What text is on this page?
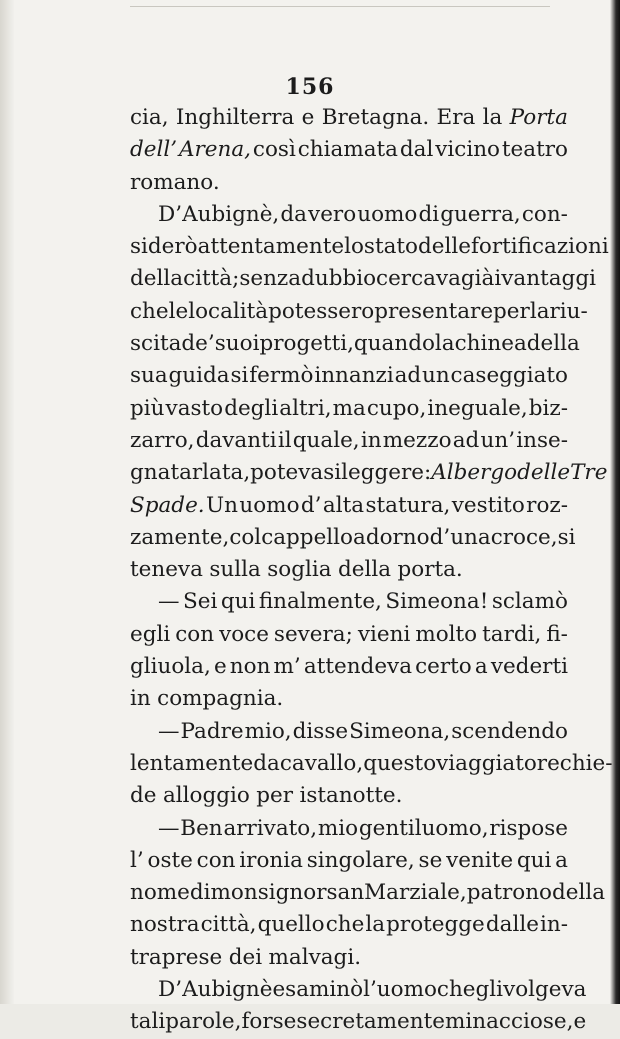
156
cia, Inghilterra e Bretagna. Era la Porta
dell’ Arena, così chiamata dal vicino teatro
romano.
D’Aubignè, da vero uomo di guerra, con-
siderò attentamente lo stato delle fortificazioni
della città; senza dubbio cercava già i vantaggi
che le località potessero presentare per la riu-
scita de’ suoi progetti, quando la chinea della
sua guida si fermò innanzi ad un caseggiato
più vasto degli altri, ma cupo, ineguale, biz-
zarro, davanti il quale, in mezzo ad un’ inse-
gna tarlata, potevasi leggere: Albergo delle Tre
Spade. Un uomo d’ alta statura, vestito roz-
zamente, col cappello adorno d’ una croce, si
teneva sulla soglia della porta.
— Sei qui finalmente, Simeona! sclamò
egli con voce severa; vieni molto tardi, fi-
gliuola, e non m’ attendeva certo a vederti
in compagnia.
— Padre mio, disse Simeona, scendendo
lentamente da cavallo, questo viaggiatore chie-
de alloggio per istanotte.
— Ben arrivato, mio gentiluomo, rispose
l’ oste con ironia singolare, se venite qui a
nome di monsignor san Marziale, patrono della
nostra città, quello che la protegge dalle in-
traprese dei malvagi.
D’ Aubignè esaminò l’uomo che gli volgeva
tali parole, forse secretamente minacciose, e
